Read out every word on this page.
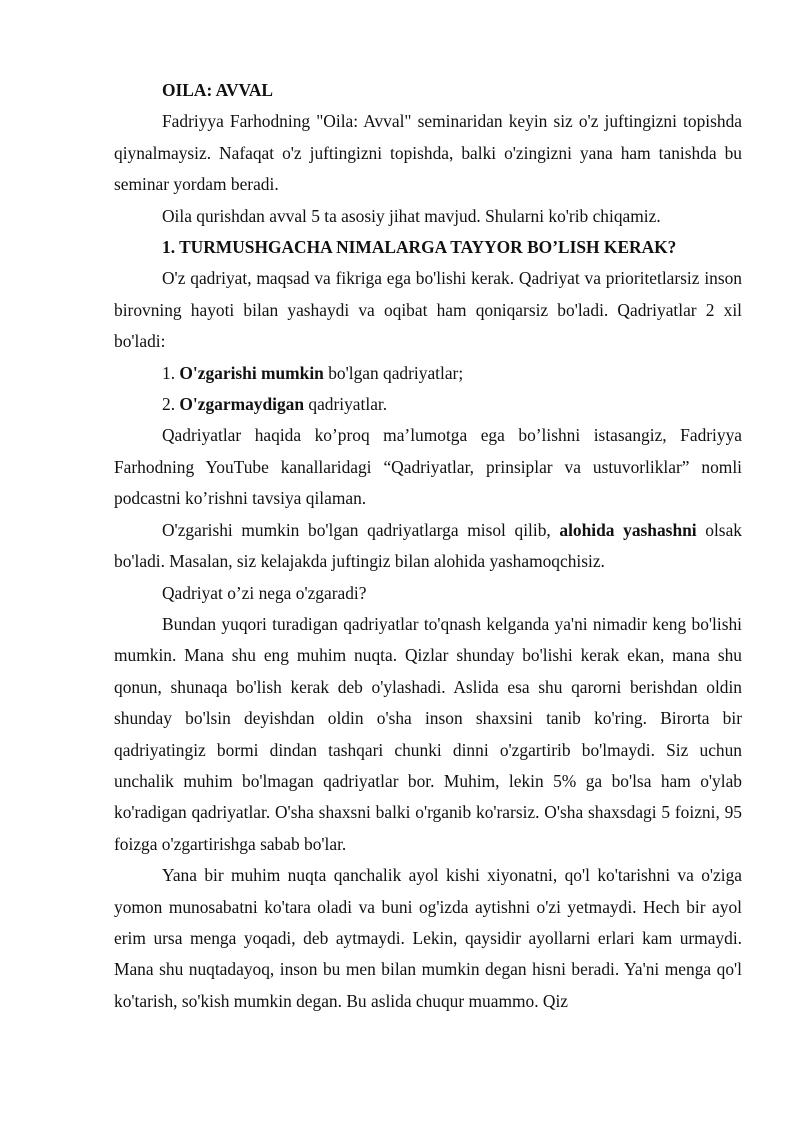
OILA: AVVAL

Fadriyya Farhodning "Oila: Avval" seminaridan keyin siz o'z juftingizni topishda qiynalmaysiz. Nafaqat o'z juftingizni topishda, balki o'zingizni yana ham tanishda bu seminar yordam beradi.

Oila qurishdan avval 5 ta asosiy jihat mavjud. Shularni ko'rib chiqamiz.

1. TURMUSHGACHA NIMALARGA TAYYOR BO’LISH KERAK?

O'z qadriyat, maqsad va fikriga ega bo'lishi kerak. Qadriyat va prioritetlarsiz inson birovning hayoti bilan yashaydi va oqibat ham qoniqarsiz bo'ladi. Qadriyatlar 2 xil bo'ladi:

1. O'zgarishi mumkin bo'lgan qadriyatlar;

2. O'zgarmaydigan qadriyatlar.

Qadriyatlar haqida ko’proq ma’lumotga ega bo’lishni istasangiz, Fadriyya Farhodning YouTube kanallaridagi “Qadriyatlar, prinsiplar va ustuvorliklar” nomli podcastni ko’rishni tavsiya qilaman.

O'zgarishi mumkin bo'lgan qadriyatlarga misol qilib, alohida yashashni olsak bo'ladi. Masalan, siz kelajakda juftingiz bilan alohida yashamoqchisiz.

Qadriyat o’zi nega o'zgaradi?

Bundan yuqori turadigan qadriyatlar to'qnash kelganda ya'ni nimadir keng bo'lishi mumkin. Mana shu eng muhim nuqta. Qizlar shunday bo'lishi kerak ekan, mana shu qonun, shunaqa bo'lish kerak deb o'ylashadi. Aslida esa shu qarorni berishdan oldin shunday bo'lsin deyishdan oldin o'sha inson shaxsini tanib ko'ring. Birorta bir qadriyatingiz bormi dindan tashqari chunki dinni o'zgartirib bo'lmaydi. Siz uchun unchalik muhim bo'lmagan qadriyatlar bor. Muhim, lekin 5% ga bo'lsa ham o'ylab ko'radigan qadriyatlar. O'sha shaxsni balki o'rganib ko'rarsiz. O'sha shaxsdagi 5 foizni, 95 foizga o'zgartirishga sabab bo'lar.

Yana bir muhim nuqta qanchalik ayol kishi xiyonatni, qo'l ko'tarishni va o'ziga yomon munosabatni ko'tara oladi va buni og'izda aytishni o'zi yetmaydi. Hech bir ayol erim ursa menga yoqadi, deb aytmaydi. Lekin, qaysidir ayollarni erlari kam urmaydi. Mana shu nuqtadayoq, inson bu men bilan mumkin degan hisni beradi. Ya'ni menga qo'l ko'tarish, so'kish mumkin degan. Bu aslida chuqur muammo. Qiz
